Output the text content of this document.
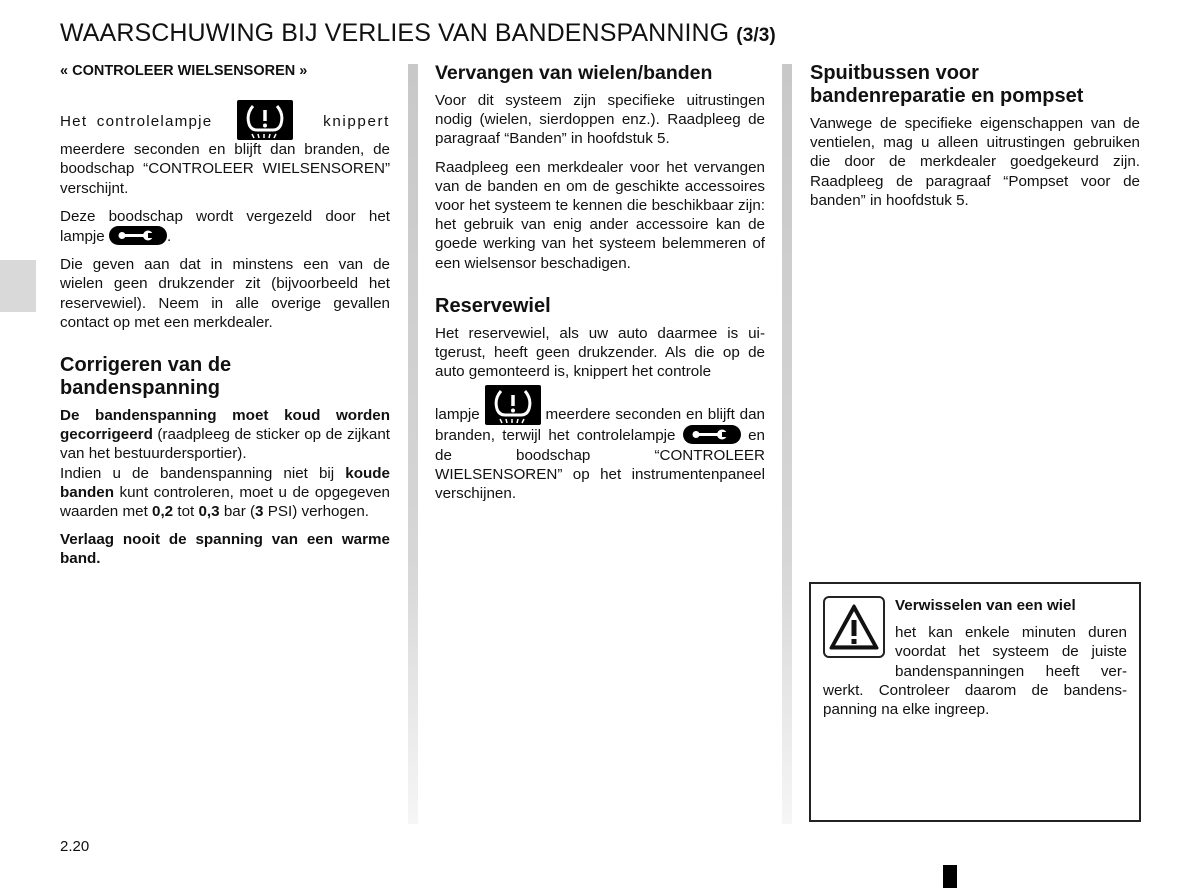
WAARSCHUWING BIJ VERLIES VAN BANDENSPANNING (3/3)
« CONTROLEER WIELSENSOREN »

Het controlelampje	knippert meerdere seconden en blijft dan branden, de boodschap “CONTROLEER WIELSENSOREN” verschijnt.

Deze boodschap wordt vergezeld door het lampje	.

Die geven aan dat in minstens een van de wielen geen drukzender zit (bijvoorbeeld het reservewiel). Neem in alle overige gevallen contact op met een merkdealer.

Corrigeren van de bandenspanning

De bandenspanning moet koud worden gecorrigeerd (raadpleeg de sticker op de zijkant van het bestuurdersportier).

Indien u de bandenspanning niet bij koude banden kunt controleren, moet u de opgegeven waarden met 0,2 tot 0,3 bar (3 PSI) verhogen.

Verlaag nooit de spanning van een warme band.

Vervangen van wielen/banden

Voor dit systeem zijn specifieke uitrustingen nodig (wielen, sierdoppen enz.). Raadpleeg de paragraaf “Banden” in hoofdstuk 5.

Raadpleeg een merkdealer voor het vervangen van de banden en om de geschikte accessoires voor het systeem te kennen die beschikbaar zijn: het gebruik van enig ander accessoire kan de goede werking van het systeem belemmeren of een wielsensor beschadigen.

Reservewiel

Het reservewiel, als uw auto daarmee is uitgerust, heeft geen drukzender. Als die op de auto gemonteerd is, knippert het controle

lampje	meerdere seconden en blijft dan branden, terwijl het controlelampje	en de boodschap “CONTROLEER WIELSENSOREN” op het instrumentenpaneel verschijnen.

Spuitbussen voor bandenreparatie en pompset

Vanwege de specifieke eigenschappen van de ventielen, mag u alleen uitrustingen gebruiken die door de merkdealer goedgekeurd zijn. Raadpleeg de paragraaf “Pompset voor de banden” in hoofdstuk 5.

Verwisselen van een wiel
het kan enkele minuten duren voordat het systeem de juiste bandenspanningen heeft verwerkt. Controleer daarom de bandenspanning na elke ingreep.
2.20
